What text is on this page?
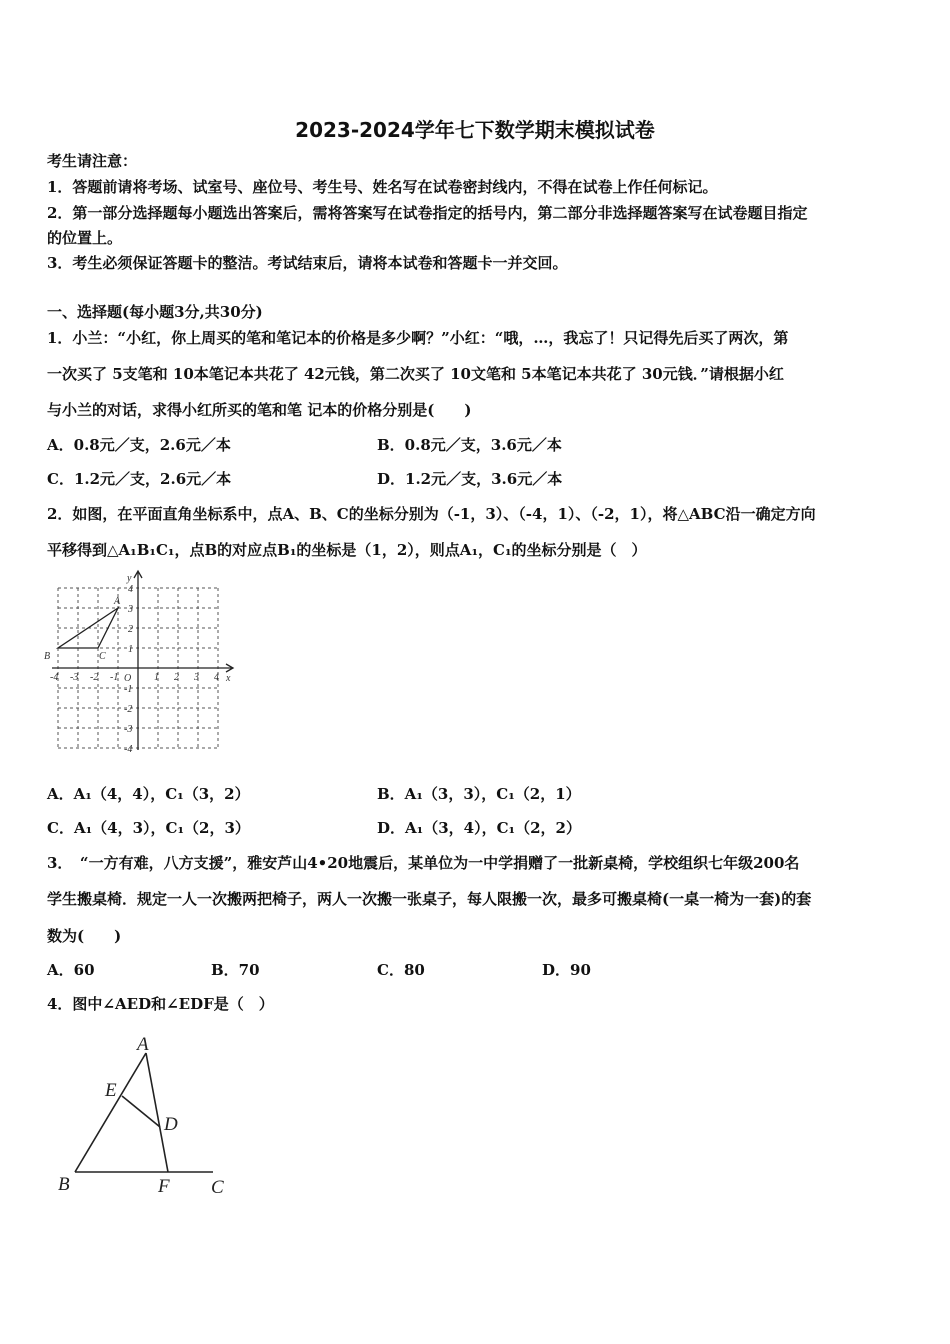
2023-2024学年七下数学期末模拟试卷
考生请注意：
1．答题前请将考场、试室号、座位号、考生号、姓名写在试卷密封线内，不得在试卷上作任何标记。
2．第一部分选择题每小题选出答案后，需将答案写在试卷指定的括号内，第二部分非选择题答案写在试卷题目指定
的位置上。
3．考生必须保证答题卡的整洁。考试结束后，请将本试卷和答题卡一并交回。
一、选择题(每小题3分,共30分)
1．小兰：“小红，你上周买的笔和笔记本的价格是多少啊？”小红：“哦，…，我忘了！只记得先后买了两次，第
一次买了 5支笔和 10本笔记本共花了 42元钱，第二次买了 10文笔和 5本笔记本共花了 30元钱．”请根据小红
与小兰的对话，求得小红所买的笔和笔 记本的价格分别是(　　)
A．0.8元／支，2.6元／本	B．0.8元／支，3.6元／本
C．1.2元／支，2.6元／本	D．1.2元／支，3.6元／本
2．如图，在平面直角坐标系中，点A、B、C的坐标分别为（-1，3）、（-4，1）、（-2，1），将△ABC沿一确定方向
平移得到△A₁B₁C₁，点B的对应点B₁的坐标是（1，2），则点A₁，C₁的坐标分别是（　）
y
x
O
A
B	C
-4 -3 -2 -1	1 2 3 4
4
3
2
1
-1
-2
-3
-4
A．A₁（4，4），C₁（3，2）	B．A₁（3，3），C₁（2，1）
C．A₁（4，3），C₁（2，3）	D．A₁（3，4），C₁（2，2）
3．　“一方有难，八方支援”，雅安芦山4•20地震后，某单位为一中学捐赠了一批新桌椅，学校组织七年级200名
学生搬桌椅．规定一人一次搬两把椅子，两人一次搬一张桌子，每人限搬一次，最多可搬桌椅(一桌一椅为一套)的套
数为(　　)
A．60	B．70	C．80	D．90
4．图中∠AED和∠EDF是（　）
A
E
D
B	F C
